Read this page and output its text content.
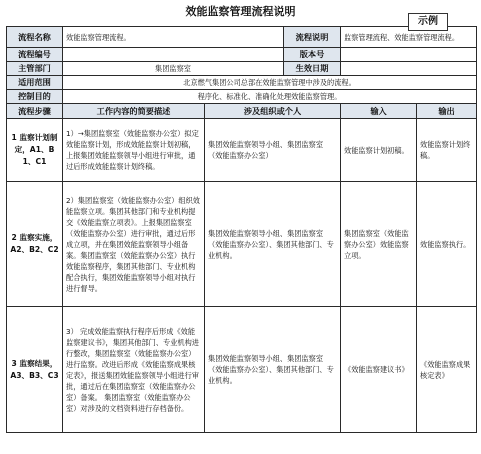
效能监察管理流程说明
流程名称	效能监察管理流程。		流程说明	监察管理流程、效能监察管理流程。	
流程编号			版本号		
主管部门	集团监察室		生效日期		
适用范围	北京燃气集团公司总部在效能监察管理中涉及的流程。				
控制目的	程序化、标准化、准确化处理效能监察管理。				
流程步骤	工作内容的简要描述	涉及组织或个人		输入	输出
1 监察计划制定，A1、B1、C1	1）→集团监察室（效能监察办公室）拟定效能监察计划，形成效能监察计划初稿，上报集团效能监察领导小组进行审批，通过后形成效能监察计划终稿。	集团效能监察领导小组、集团监察室（效能监察办公室）		效能监察计划初稿。	效能监察计划终稿。
2 监察实施，A2、B2、C2	2）集团监察室（效能监察办公室）组织效能监察立项。集团其他部门和专业机构提交《效能监察立项表》。上报集团监察室（效能监察办公室）进行审批，通过后形成立项，并在集团效能监察领导小组备案。集团监察室（效能监察办公室）执行效能监察程序，集团其他部门、专业机构配合执行，集团效能监察领导小组对执行进行督导。	集团效能监察领导小组、集团监察室（效能监察办公室）、集团其他部门、专业机构。		集团监察室（效能监察办公室）效能监察立项。	效能监察执行。
3 监察结果，A3、B3、C3	3） 完成效能监察执行程序后形成《效能监察建议书》，集团其他部门、专业机构进行整改，集团监察室（效能监察办公室）进行监察。改进后形成《效能监察成果核定表》，报送集团效能监察领导小组进行审批，通过后在集团监察室（效能监察办公室）备案。 集团监察室（效能监察办公室）对涉及的文档资料进行存档备份。	集团效能监察领导小组、集团监察室（效能监察办公室）、集团其他部门、专业机构。		《效能监察建议书》	《效能监察成果核定表》
示例
